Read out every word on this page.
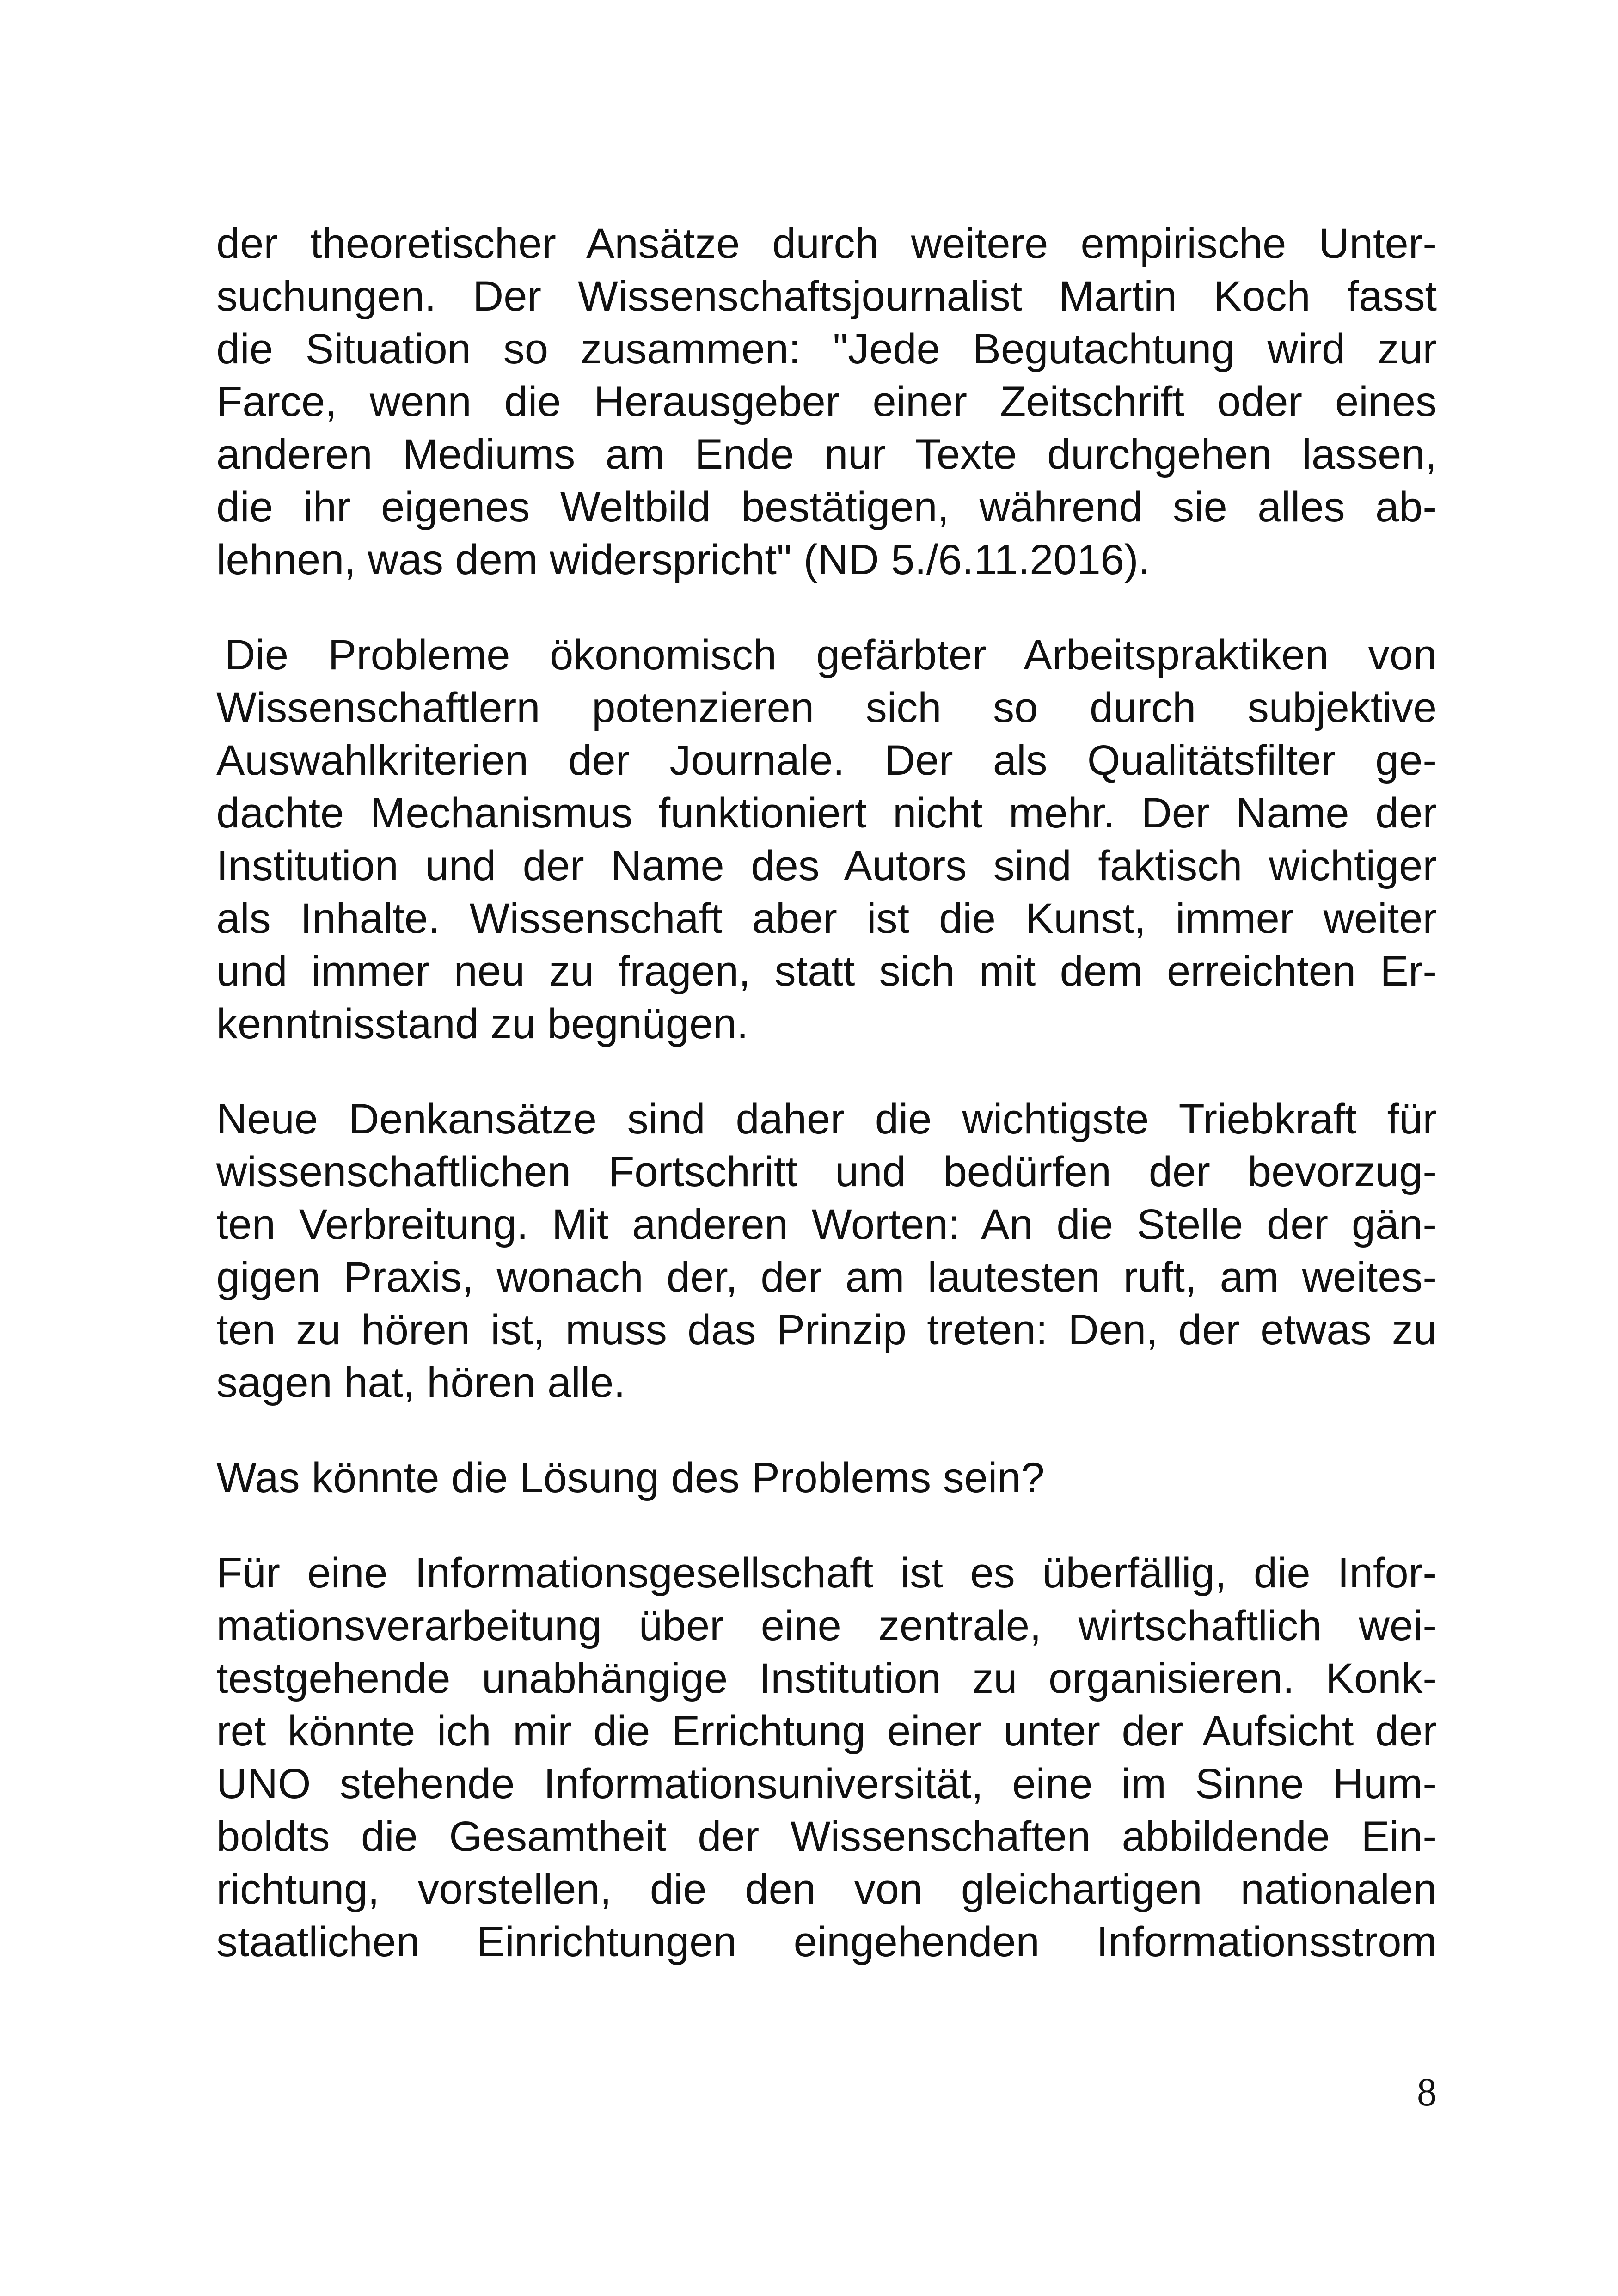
der theoretischer Ansätze durch weitere empirische Unter-
suchungen. Der Wissenschaftsjournalist Martin Koch fasst
die Situation so zusammen: "Jede Begutachtung wird zur
Farce, wenn die Herausgeber einer Zeitschrift oder eines
anderen Mediums am Ende nur Texte durchgehen lassen,
die ihr eigenes Weltbild bestätigen, während sie alles ab-
lehnen, was dem widerspricht" (ND 5./6.11.2016).
Die Probleme ökonomisch gefärbter Arbeitspraktiken von
Wissenschaftlern potenzieren sich so durch subjektive
Auswahlkriterien der Journale. Der als Qualitätsfilter ge-
dachte Mechanismus funktioniert nicht mehr. Der Name der
Institution und der Name des Autors sind faktisch wichtiger
als Inhalte. Wissenschaft aber ist die Kunst, immer weiter
und immer neu zu fragen, statt sich mit dem erreichten Er-
kenntnisstand zu begnügen.
Neue Denkansätze sind daher die wichtigste Triebkraft für
wissenschaftlichen Fortschritt und bedürfen der bevorzug-
ten Verbreitung. Mit anderen Worten: An die Stelle der gän-
gigen Praxis, wonach der, der am lautesten ruft, am weites-
ten zu hören ist, muss das Prinzip treten: Den, der etwas zu
sagen hat, hören alle.
Was könnte die Lösung des Problems sein?
Für eine Informationsgesellschaft ist es überfällig, die Infor-
mationsverarbeitung über eine zentrale, wirtschaftlich wei-
testgehende unabhängige Institution zu organisieren. Konk-
ret könnte ich mir die Errichtung einer unter der Aufsicht der
UNO stehende Informationsuniversität, eine im Sinne Hum-
boldts die Gesamtheit der Wissenschaften abbildende Ein-
richtung, vorstellen, die den von gleichartigen nationalen
staatlichen Einrichtungen eingehenden Informationsstrom
8
